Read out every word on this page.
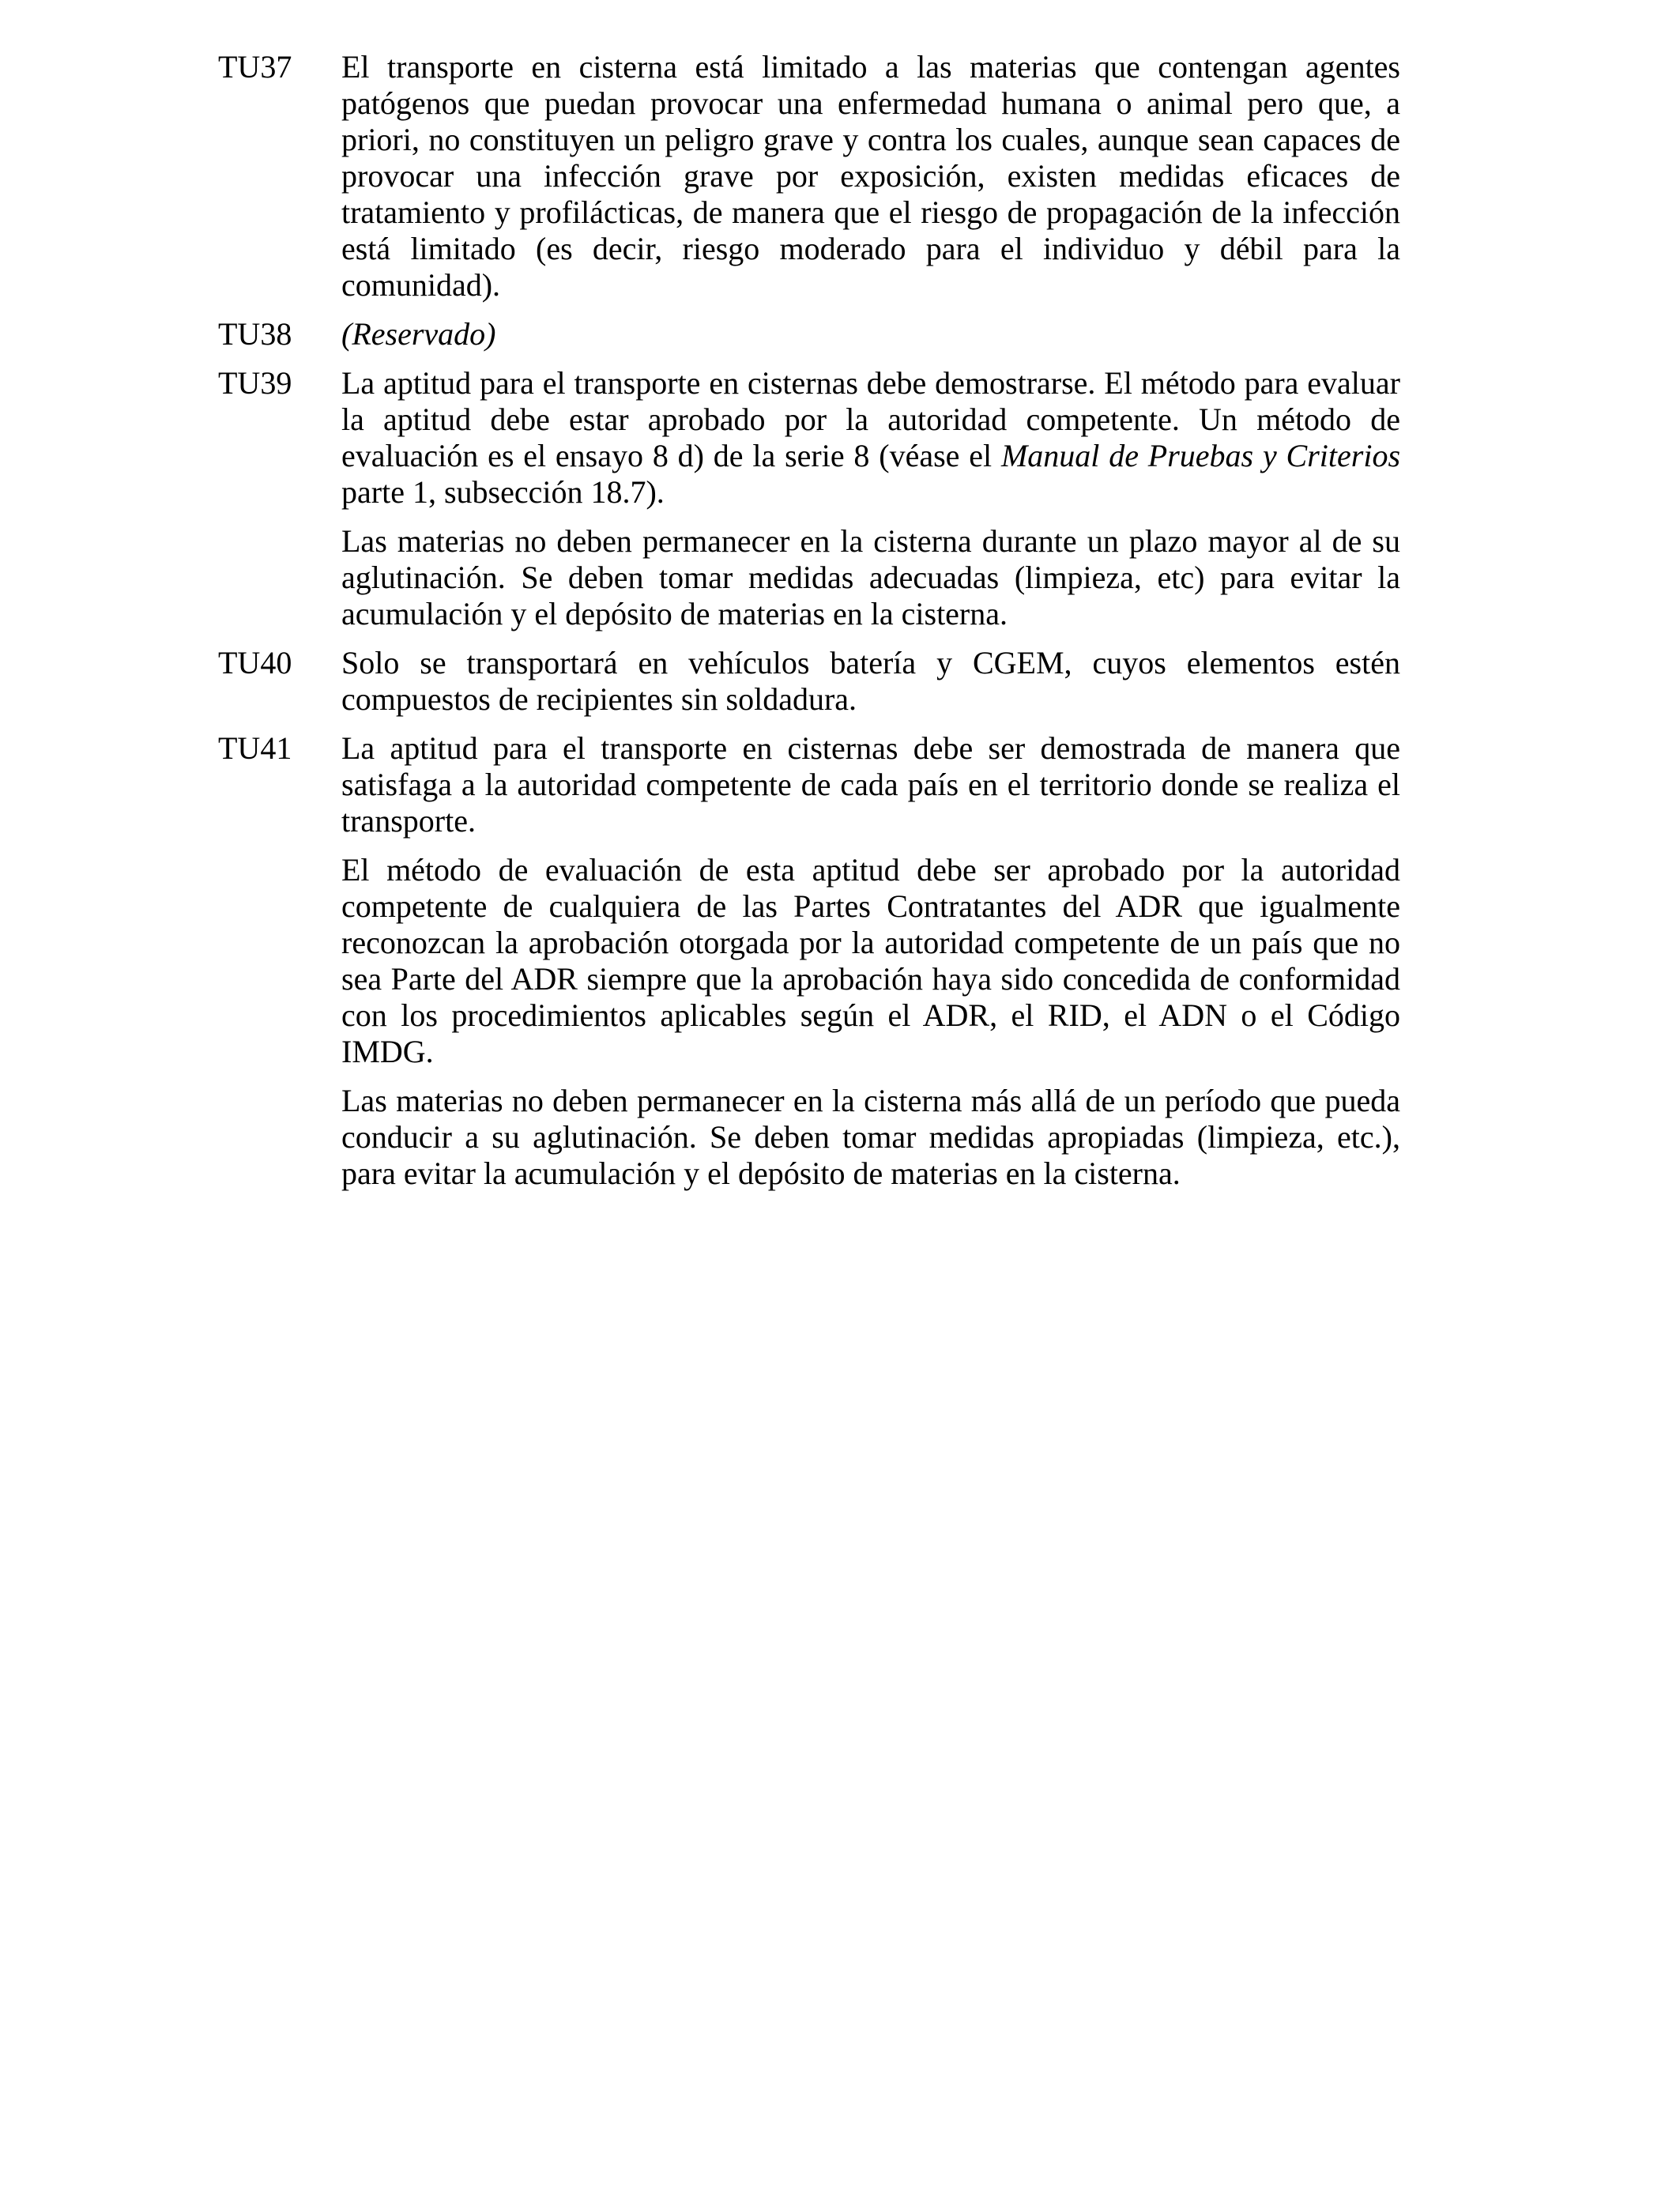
TU37	El transporte en cisterna está limitado a las materias que contengan agentes patógenos que puedan provocar una enfermedad humana o animal pero que, a priori, no constituyen un peligro grave y contra los cuales, aunque sean capaces de provocar una infección grave por exposición, existen medidas eficaces de tratamiento y profilácticas, de manera que el riesgo de propagación de la infección está limitado (es decir, riesgo moderado para el individuo y débil para la comunidad).

TU38	(Reservado)

TU39	La aptitud para el transporte en cisternas debe demostrarse. El método para evaluar la aptitud debe estar aprobado por la autoridad competente. Un método de evaluación es el ensayo 8 d) de la serie 8 (véase el Manual de Pruebas y Criterios parte 1, subsección 18.7).

Las materias no deben permanecer en la cisterna durante un plazo mayor al de su aglutinación. Se deben tomar medidas adecuadas (limpieza, etc) para evitar la acumulación y el depósito de materias en la cisterna.

TU40	Solo se transportará en vehículos batería y CGEM, cuyos elementos estén compuestos de recipientes sin soldadura.

TU41	La aptitud para el transporte en cisternas debe ser demostrada de manera que satisfaga a la autoridad competente de cada país en el territorio donde se realiza el transporte.

El método de evaluación de esta aptitud debe ser aprobado por la autoridad competente de cualquiera de las Partes Contratantes del ADR que igualmente reconozcan la aprobación otorgada por la autoridad competente de un país que no sea Parte del ADR siempre que la aprobación haya sido concedida de conformidad con los procedimientos aplicables según el ADR, el RID, el ADN o el Código IMDG.

Las materias no deben permanecer en la cisterna más allá de un período que pueda conducir a su aglutinación. Se deben tomar medidas apropiadas (limpieza, etc.), para evitar la acumulación y el depósito de materias en la cisterna.
